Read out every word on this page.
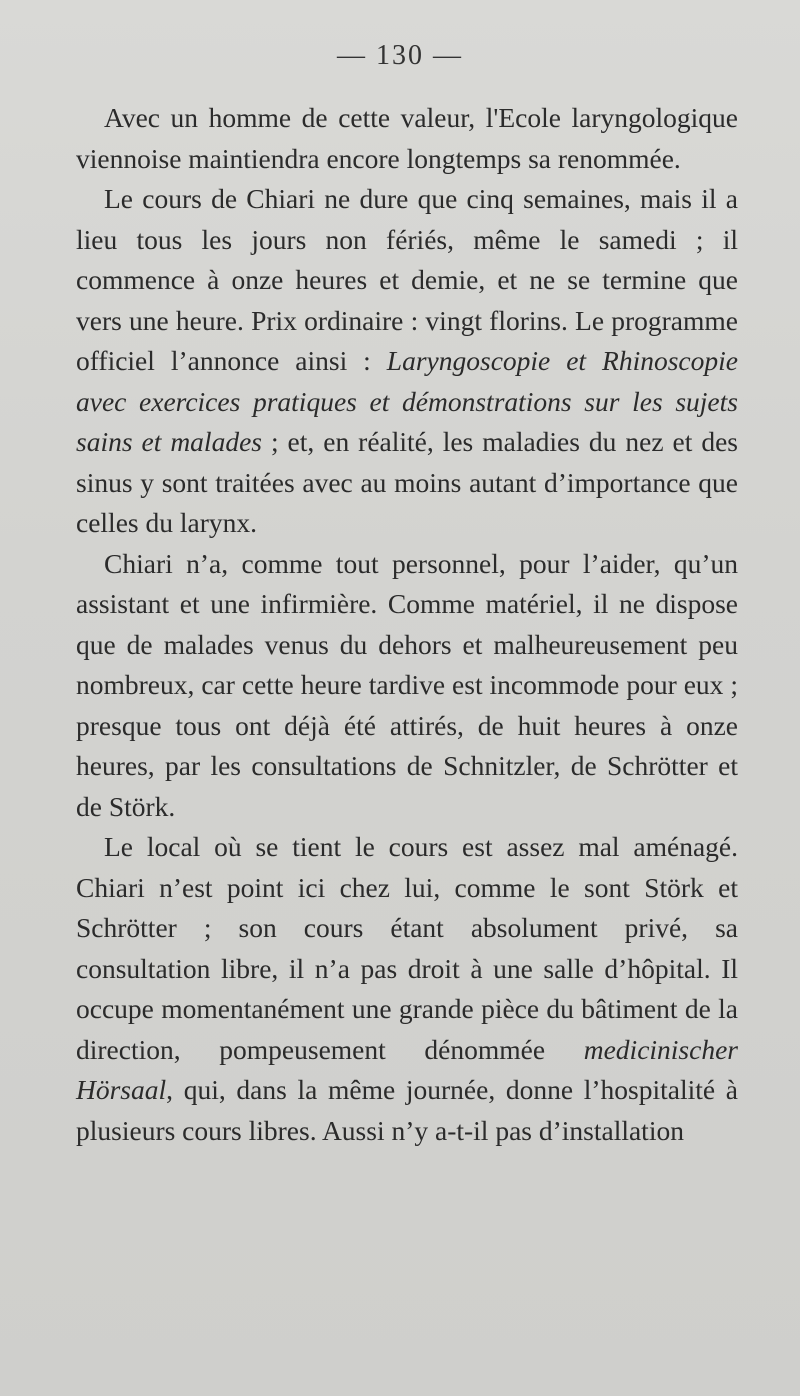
— 130 —

Avec un homme de cette valeur, l'Ecole laryngologique viennoise maintiendra encore longtemps sa renommée.

Le cours de Chiari ne dure que cinq semaines, mais il a lieu tous les jours non fériés, même le samedi ; il commence à onze heures et demie, et ne se termine que vers une heure. Prix ordinaire : vingt florins. Le programme officiel l’annonce ainsi : Laryngoscopie et Rhinoscopie avec exercices pratiques et démonstrations sur les sujets sains et malades ; et, en réalité, les maladies du nez et des sinus y sont traitées avec au moins autant d’importance que celles du larynx.

Chiari n’a, comme tout personnel, pour l’aider, qu’un assistant et une infirmière. Comme matériel, il ne dispose que de malades venus du dehors et malheureusement peu nombreux, car cette heure tardive est incommode pour eux ; presque tous ont déjà été attirés, de huit heures à onze heures, par les consultations de Schnitzler, de Schrötter et de Störk.

Le local où se tient le cours est assez mal aménagé. Chiari n’est point ici chez lui, comme le sont Störk et Schrötter ; son cours étant absolument privé, sa consultation libre, il n’a pas droit à une salle d’hôpital. Il occupe momentanément une grande pièce du bâtiment de la direction, pompeusement dénommée medicinischer Hörsaal, qui, dans la même journée, donne l’hospitalité à plusieurs cours libres. Aussi n’y a-t-il pas d’installation
